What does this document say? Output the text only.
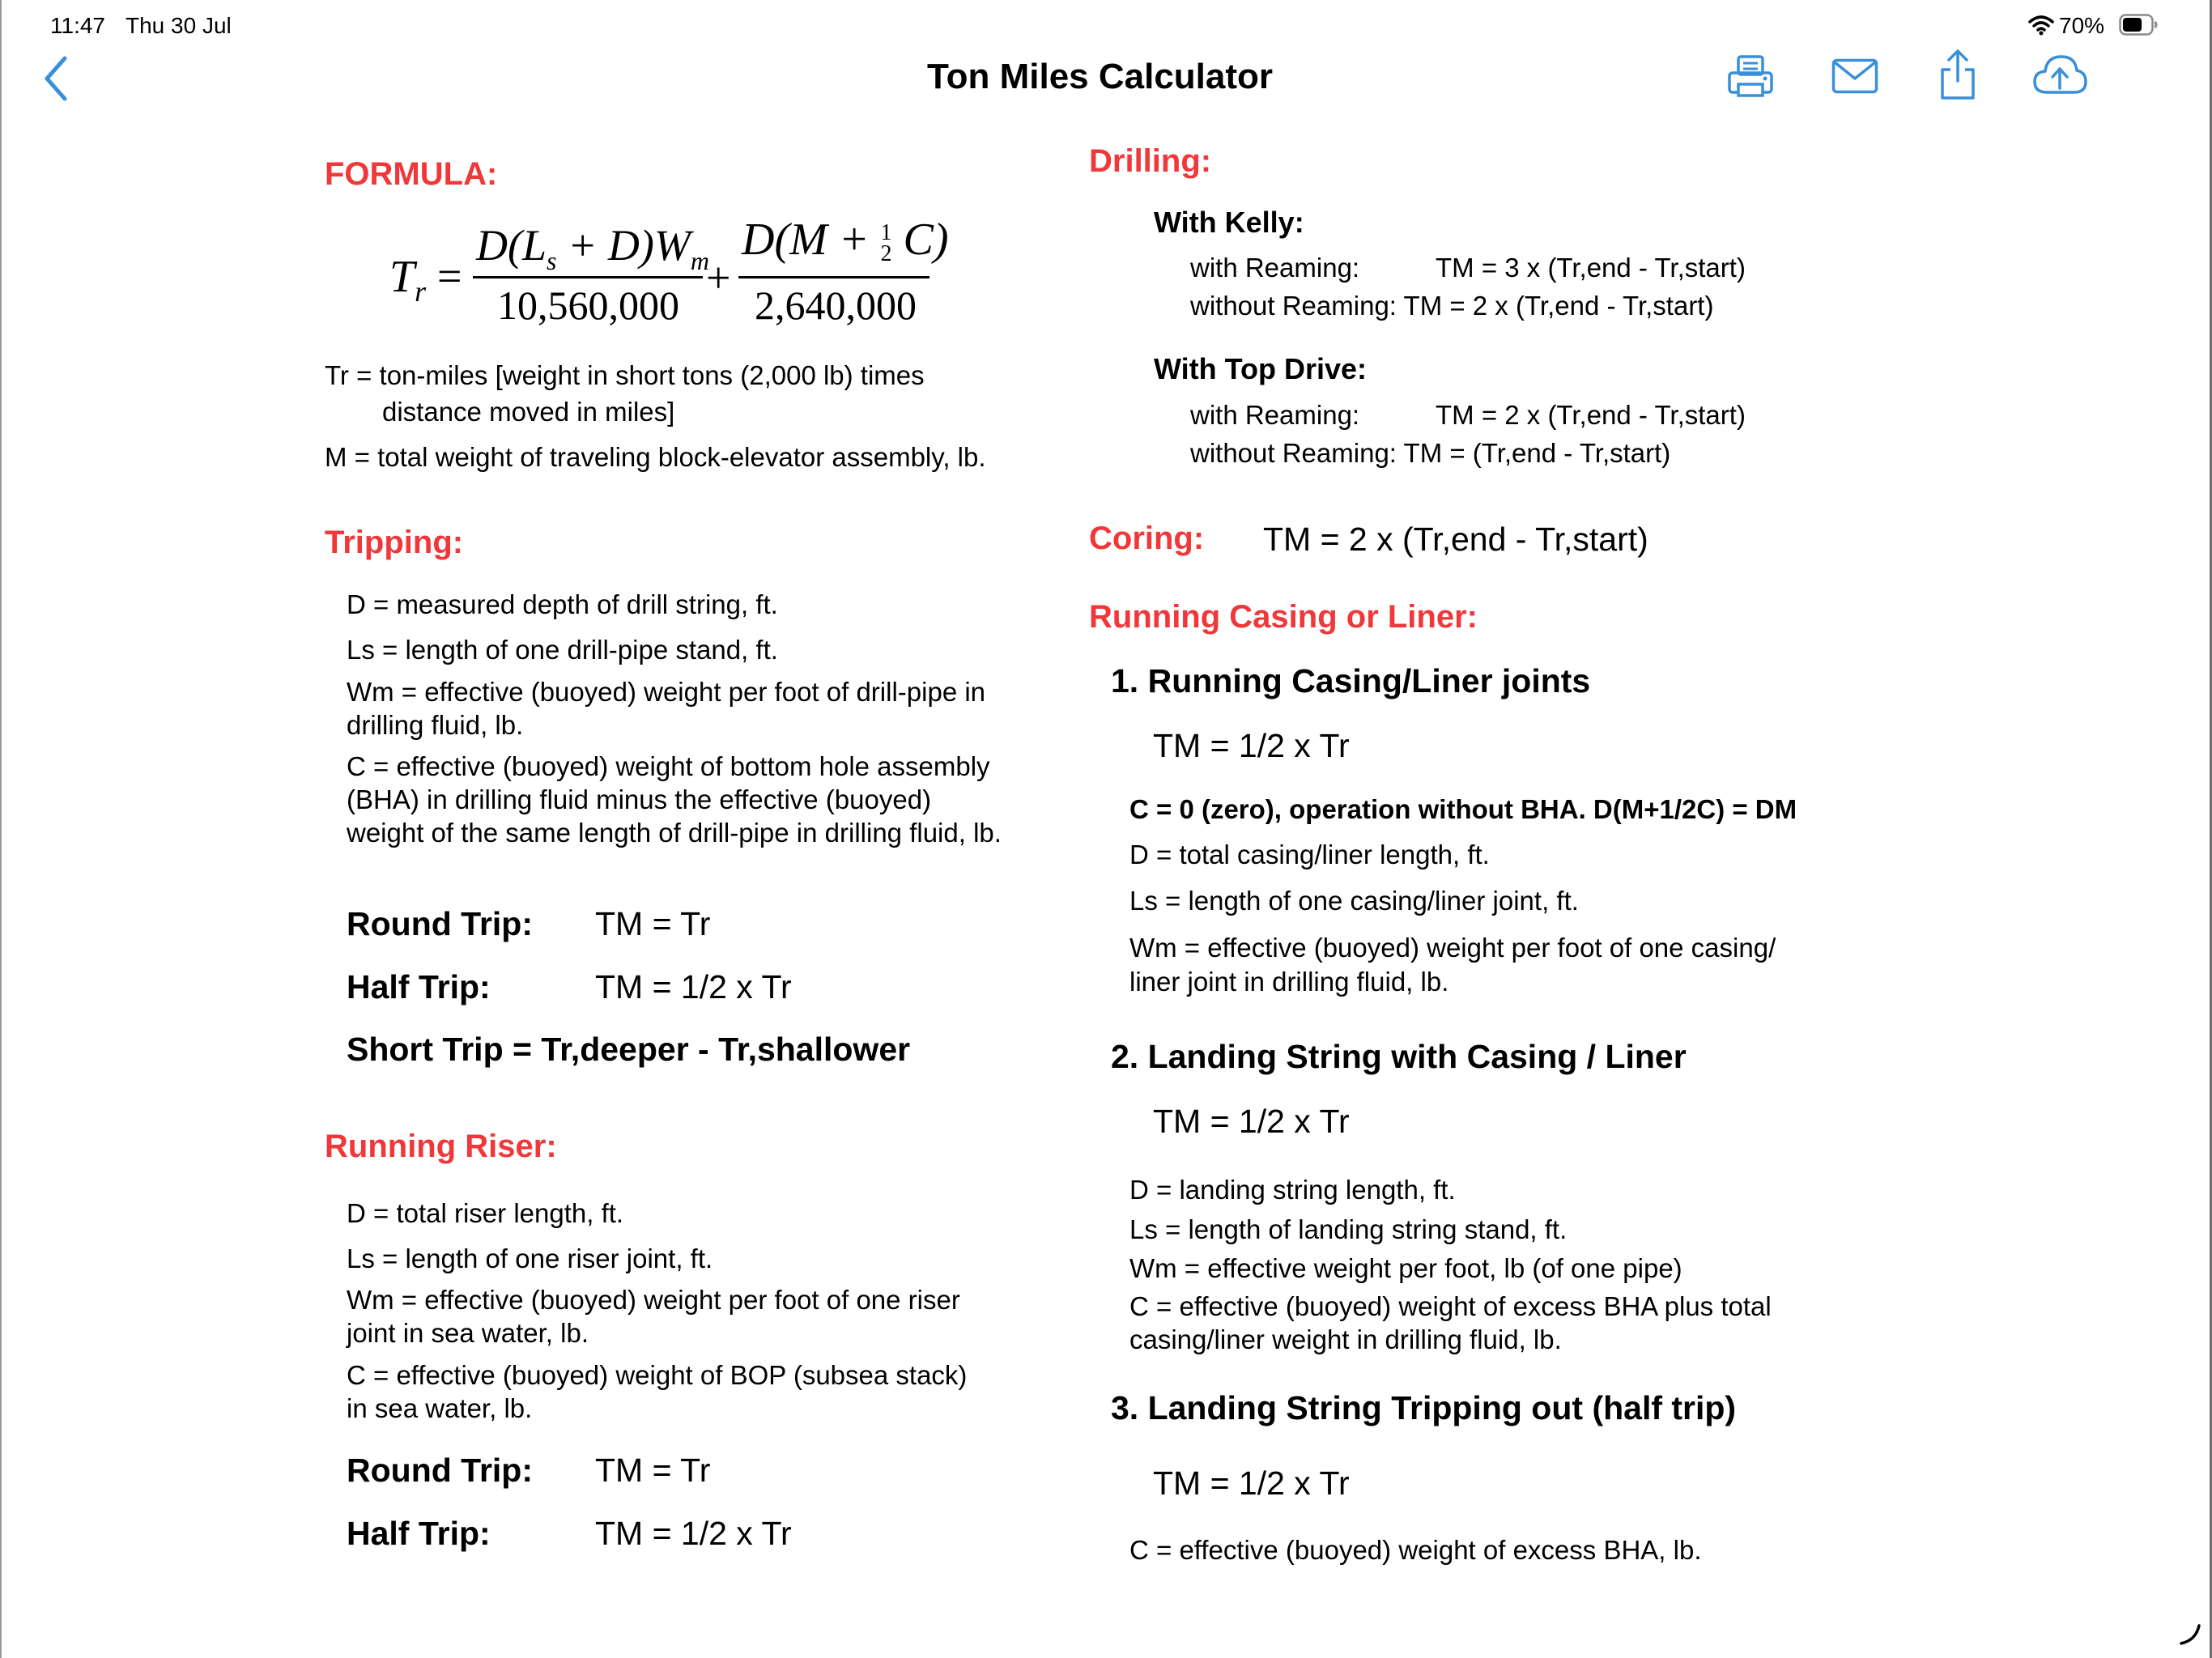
11:47 Thu 30 Jul	70%
Ton Miles Calculator
FORMULA:
$T_r$ =
$D(L_s + D)W_m$
10,560,000
+
D(M + 1
2 C)
2,640,000
Tr = ton-miles [weight in short tons (2,000 lb) times
distance moved in miles]
M = total weight of traveling block-elevator assembly, lb.
Tripping:
D = measured depth of drill string, ft.
Ls = length of one drill-pipe stand, ft.
Wm = effective (buoyed) weight per foot of drill-pipe in drilling fluid, lb.
C = effective (buoyed) weight of bottom hole assembly (BHA) in drilling fluid minus the effective (buoyed) weight of the same length of drill-pipe in drilling fluid, lb.
Round Trip: TM = Tr
Half Trip:	TM = 1/2 x Tr
Short Trip = Tr,deeper - Tr,shallower
Running Riser:
D = total riser length, ft.
Ls = length of one riser joint, ft.
Wm = effective (buoyed) weight per foot of one riser joint in sea water, lb.
C = effective (buoyed) weight of BOP (subsea stack) in sea water, lb.
Round Trip: TM = Tr
Half Trip:	TM = 1/2 x Tr
Drilling:
With Kelly:
with Reaming:	TM = 3 x (Tr,end - Tr,start)
without Reaming: TM = 2 x (Tr,end - Tr,start)
With Top Drive:
with Reaming:	TM = 2 x (Tr,end - Tr,start)
without Reaming: TM = (Tr,end - Tr,start)
Coring: TM = 2 x (Tr,end - Tr,start)
Running Casing or Liner:
1. Running Casing/Liner joints
TM = 1/2 x Tr
C = 0 (zero), operation without BHA. D(M+1/2C) = DM
D = total casing/liner length, ft.
Ls = length of one casing/liner joint, ft.
Wm = effective (buoyed) weight per foot of one casing/
liner joint in drilling fluid, lb.
2. Landing String with Casing / Liner
TM = 1/2 x Tr
D = landing string length, ft.
Ls = length of landing string stand, ft.
Wm = effective weight per foot, lb (of one pipe)
C = effective (buoyed) weight of excess BHA plus total
casing/liner weight in drilling fluid, lb.
3. Landing String Tripping out (half trip)
TM = 1/2 x Tr
C = effective (buoyed) weight of excess BHA, lb.
